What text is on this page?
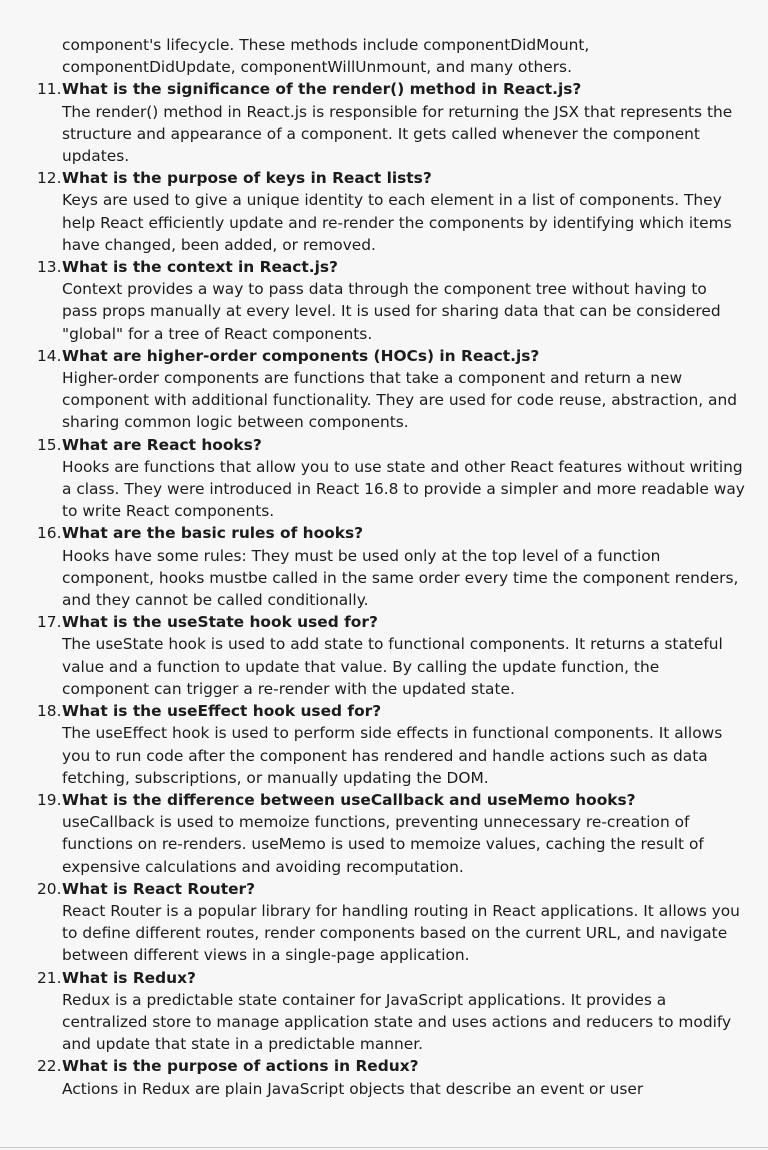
component's lifecycle. These methods include componentDidMount, componentDidUpdate, componentWillUnmount, and many others.

11. What is the significance of the render() method in React.js?

The render() method in React.js is responsible for returning the JSX that represents the structure and appearance of a component. It gets called whenever the component updates.

12. What is the purpose of keys in React lists?

Keys are used to give a unique identity to each element in a list of components. They help React efficiently update and re-render the components by identifying which items have changed, been added, or removed.

13. What is the context in React.js?

Context provides a way to pass data through the component tree without having to pass props manually at every level. It is used for sharing data that can be considered "global" for a tree of React components.

14. What are higher-order components (HOCs) in React.js?

Higher-order components are functions that take a component and return a new component with additional functionality. They are used for code reuse, abstraction, and sharing common logic between components.

15. What are React hooks?

Hooks are functions that allow you to use state and other React features without writing a class. They were introduced in React 16.8 to provide a simpler and more readable way to write React components.

16. What are the basic rules of hooks?

Hooks have some rules: They must be used only at the top level of a function component, hooks mustbe called in the same order every time the component renders, and they cannot be called conditionally.

17. What is the useState hook used for?

The useState hook is used to add state to functional components. It returns a stateful value and a function to update that value. By calling the update function, the component can trigger a re-render with the updated state.

18. What is the useEffect hook used for?

The useEffect hook is used to perform side effects in functional components. It allows you to run code after the component has rendered and handle actions such as data fetching, subscriptions, or manually updating the DOM.

19. What is the difference between useCallback and useMemo hooks?

useCallback is used to memoize functions, preventing unnecessary re-creation of functions on re-renders. useMemo is used to memoize values, caching the result of expensive calculations and avoiding recomputation.

20. What is React Router?

React Router is a popular library for handling routing in React applications. It allows you to define different routes, render components based on the current URL, and navigate between different views in a single-page application.

21. What is Redux?

Redux is a predictable state container for JavaScript applications. It provides a centralized store to manage application state and uses actions and reducers to modify and update that state in a predictable manner.

22. What is the purpose of actions in Redux?

Actions in Redux are plain JavaScript objects that describe an event or user
